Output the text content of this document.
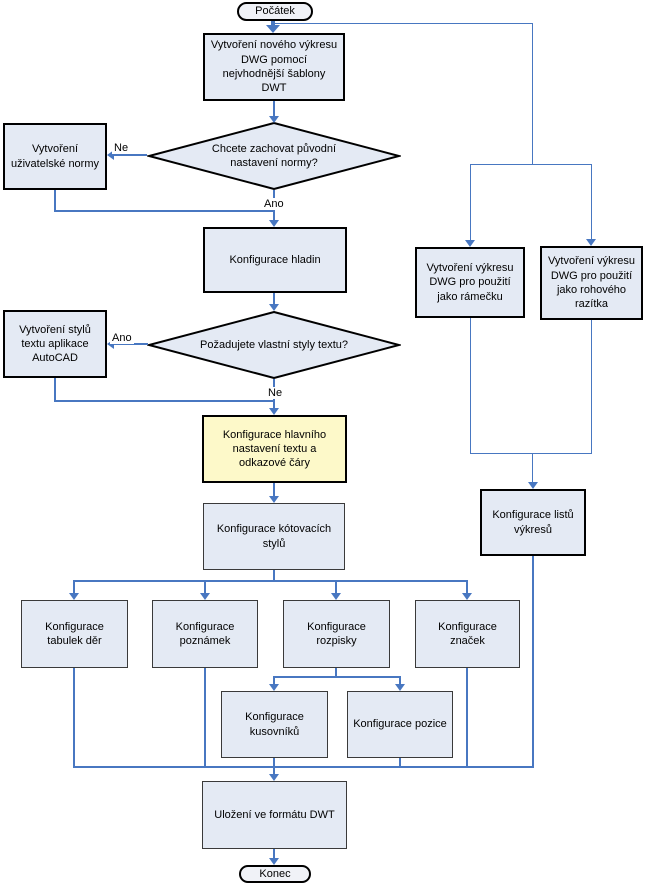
Počátek
Vytvoření nového výkresu DWG pomocí nejvhodnější šablony DWT
Chcete zachovat původní nastavení normy?
Vytvoření uživatelské normy
Konfigurace hladin
Požadujete vlastní styly textu?
Vytvoření stylů textu aplikace AutoCAD
Konfigurace hlavního nastavení textu a odkazové čáry
Konfigurace kótovacích stylů
Konfigurace tabulek děr
Konfigurace poznámek
Konfigurace rozpisky
Konfigurace značek
Konfigurace kusovníků
Konfigurace pozice
Uložení ve formátu DWT
Konec
Vytvoření výkresu DWG pro použití jako rámečku
Vytvoření výkresu DWG pro použití jako rohového razítka
Konfigurace listů výkresů
Ne
Ano
Ano
Ne
